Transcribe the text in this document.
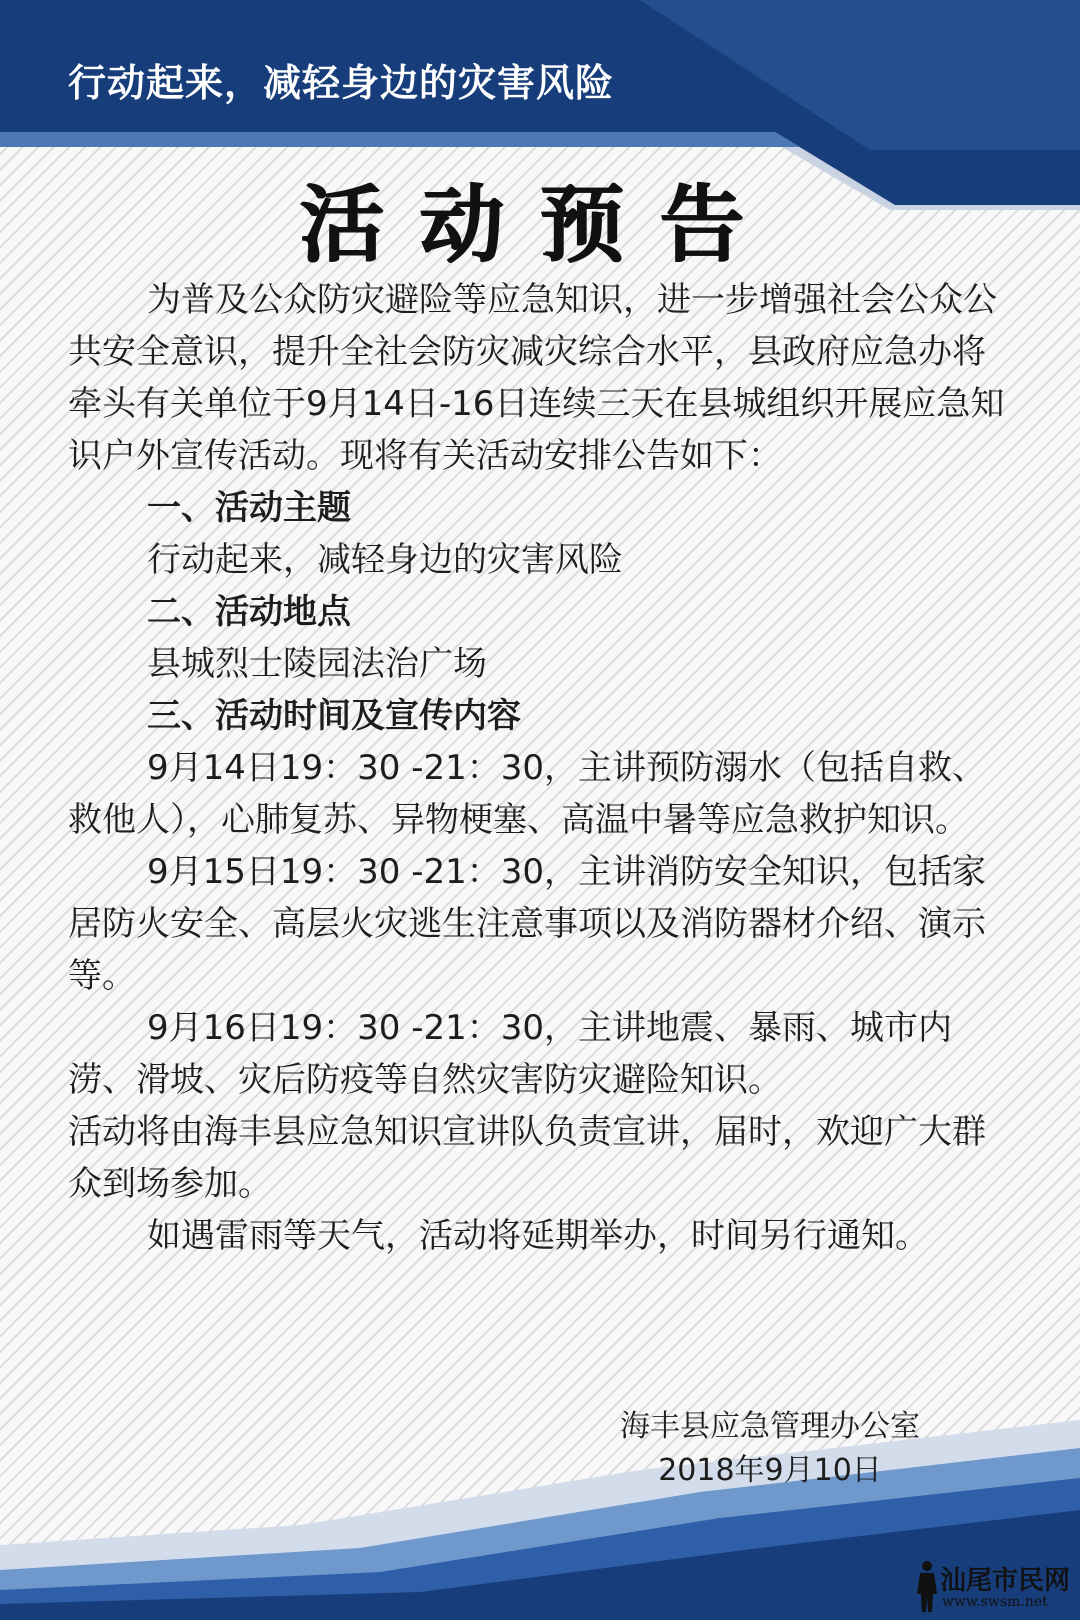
行动起来，减轻身边的灾害风险
活动预告

为普及公众防灾避险等应急知识，进一步增强社会公众公共安全意识，提升全社会防灾减灾综合水平，县政府应急办将牵头有关单位于9月14日-16日连续三天在县城组织开展应急知识户外宣传活动。现将有关活动安排公告如下：

一、活动主题

行动起来，减轻身边的灾害风险

二、活动地点

县城烈士陵园法治广场

三、活动时间及宣传内容

9月14日19：30 -21：30，主讲预防溺水（包括自救、救他人），心肺复苏、异物梗塞、高温中暑等应急救护知识。

9月15日19：30 -21：30，主讲消防安全知识，包括家居防火安全、高层火灾逃生注意事项以及消防器材介绍、演示等。

9月16日19：30 -21：30，主讲地震、暴雨、城市内涝、滑坡、灾后防疫等自然灾害防灾避险知识。

活动将由海丰县应急知识宣讲队负责宣讲，届时，欢迎广大群众到场参加。

如遇雷雨等天气，活动将延期举办，时间另行通知。

海丰县应急管理办公室

2018年9月10日

汕尾市民网
www.swsm.net
